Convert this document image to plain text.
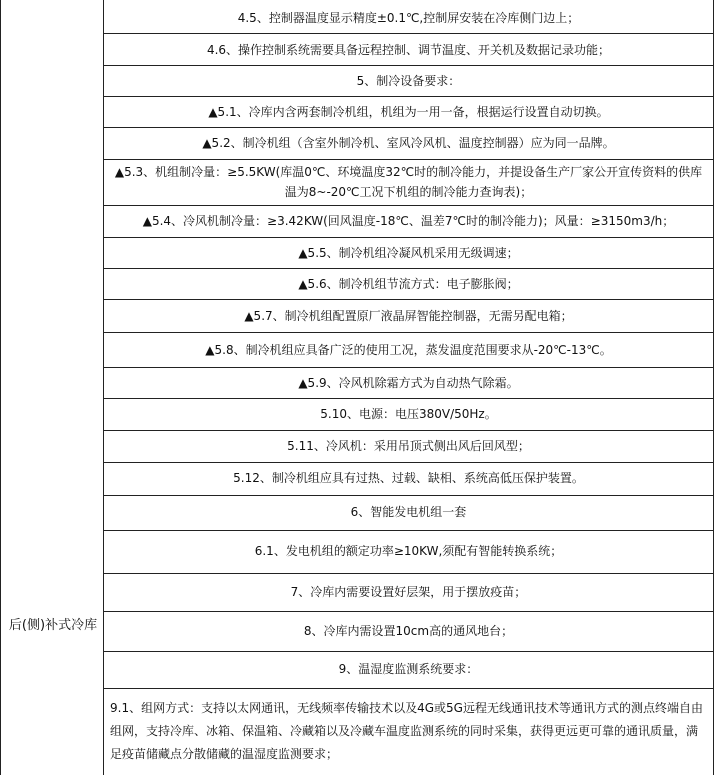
后(侧)补式冷库
4.5、控制器温度显示精度±0.1℃,控制屏安装在冷库侧门边上；
4.6、操作控制系统需要具备远程控制、调节温度、开关机及数据记录功能；
5、制冷设备要求：
▲5.1、冷库内含两套制冷机组，机组为一用一备，根据运行设置自动切换。
▲5.2、制冷机组（含室外制冷机、室风冷风机、温度控制器）应为同一品牌。
▲5.3、机组制冷量：≥5.5KW(库温0℃、环境温度32℃时的制冷能力，并提设备生产厂家公开宣传资料的供库温为8~-20℃工况下机组的制冷能力查询表)；
▲5.4、冷风机制冷量：≥3.42KW(回风温度-18℃、温差7℃时的制冷能力)；风量：≥3150m3/h；
▲5.5、制冷机组冷凝风机采用无级调速；
▲5.6、制冷机组节流方式：电子膨胀阀；
▲5.7、制冷机组配置原厂液晶屏智能控制器，无需另配电箱；
▲5.8、制冷机组应具备广泛的使用工况，蒸发温度范围要求从-20℃-13℃。
▲5.9、冷风机除霜方式为自动热气除霜。
5.10、电源：电压380V/50Hz。
5.11、冷风机：采用吊顶式侧出风后回风型；
5.12、制冷机组应具有过热、过载、缺相、系统高低压保护装置。
6、智能发电机组一套
6.1、发电机组的额定功率≥10KW,须配有智能转换系统；
7、冷库内需要设置好层架，用于摆放疫苗；
8、冷库内需设置10cm高的通风地台；
9、温湿度监测系统要求：
9.1、组网方式：支持以太网通讯，无线频率传输技术以及4G或5G远程无线通讯技术等通讯方式的测点终端自由组网，支持冷库、冰箱、保温箱、冷藏箱以及冷藏车温度监测系统的同时采集，获得更远更可靠的通讯质量，满足疫苗储藏点分散储藏的温湿度监测要求；
